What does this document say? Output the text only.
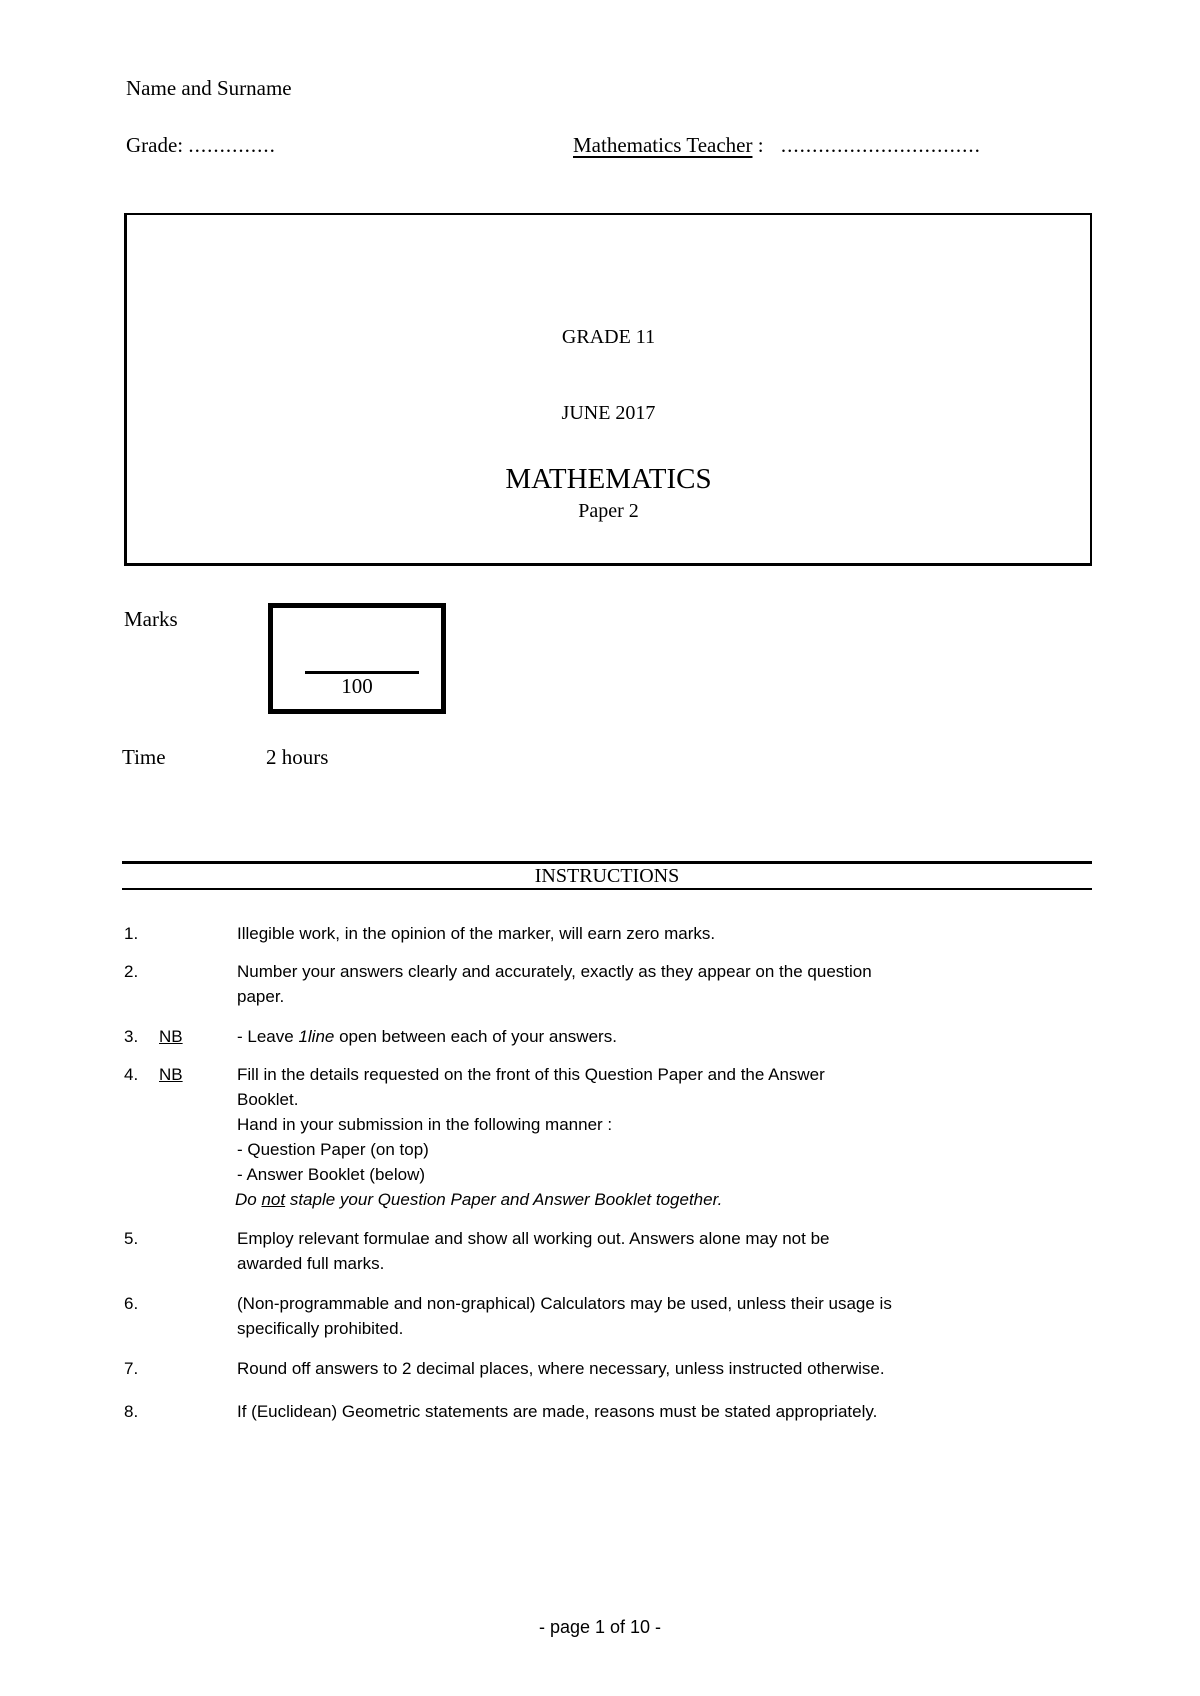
Name and Surname
Grade: ..............	Mathematics Teacher : ................................
GRADE 11
JUNE 2017
MATHEMATICS
Paper 2
Marks
100
Time	2 hours
INSTRUCTIONS
1.	Illegible work, in the opinion of the marker, will earn zero marks.
2.	Number your answers clearly and accurately, exactly as they appear on the question
paper.
3.	NB	- Leave 1line open between each of your answers.
4.	NB	Fill in the details requested on the front of this Question Paper and the Answer
Booklet.
Hand in your submission in the following manner :
- Question Paper (on top)
- Answer Booklet (below)
Do not staple your Question Paper and Answer Booklet together.
5.	Employ relevant formulae and show all working out. Answers alone may not be
awarded full marks.
6.	(Non-programmable and non-graphical) Calculators may be used, unless their usage is
specifically prohibited.
7.	Round off answers to 2 decimal places, where necessary, unless instructed otherwise.
8.	If (Euclidean) Geometric statements are made, reasons must be stated appropriately.
- page 1 of 10 -
